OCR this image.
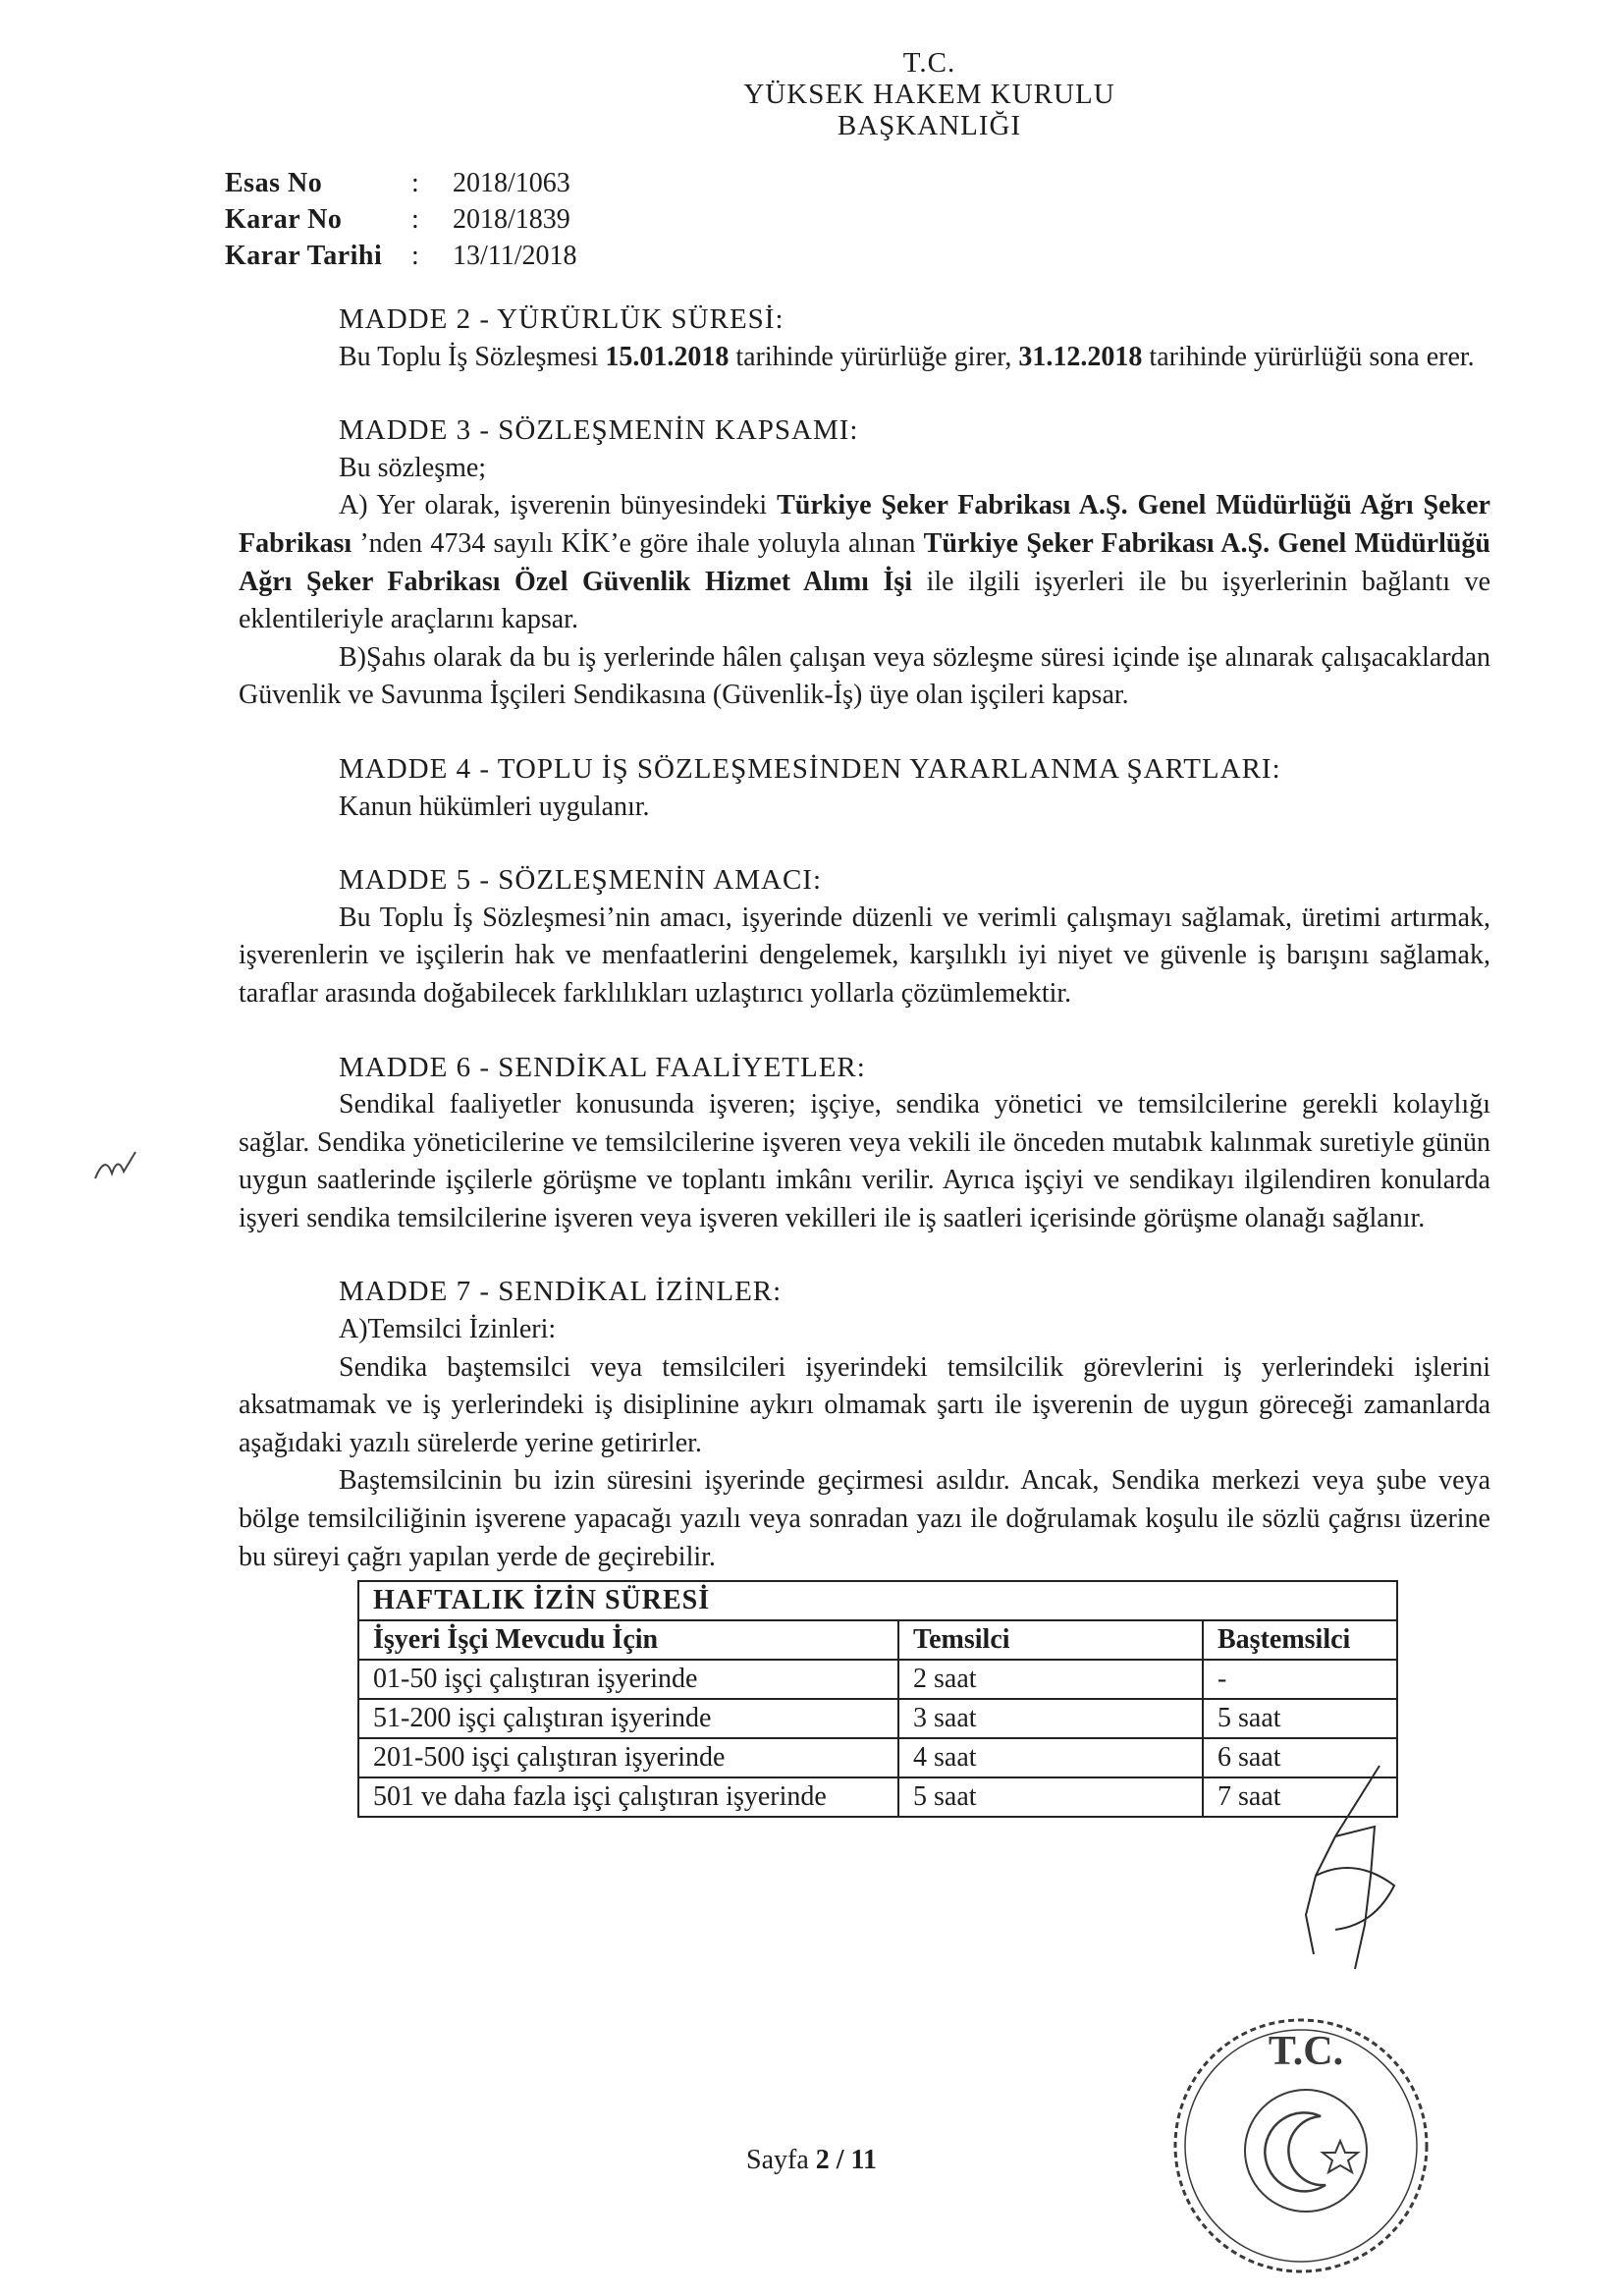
T.C.
YÜKSEK HAKEM KURULU
BAŞKANLIĞI
Esas No	:	2018/1063
Karar No	:	2018/1839
Karar Tarihi	:	13/11/2018

MADDE 2 - YÜRÜRLÜK SÜRESİ:

Bu Toplu İş Sözleşmesi 15.01.2018 tarihinde yürürlüğe girer, 31.12.2018 tarihinde yürürlüğü sona erer.

MADDE 3 - SÖZLEŞMENİN KAPSAMI:

Bu sözleşme;

A) Yer olarak, işverenin bünyesindeki Türkiye Şeker Fabrikası A.Ş. Genel Müdürlüğü Ağrı Şeker Fabrikası ’nden 4734 sayılı KİK’e göre ihale yoluyla alınan Türkiye Şeker Fabrikası A.Ş. Genel Müdürlüğü Ağrı Şeker Fabrikası Özel Güvenlik Hizmet Alımı İşi ile ilgili işyerleri ile bu işyerlerinin bağlantı ve eklentileriyle araçlarını kapsar.

B)Şahıs olarak da bu iş yerlerinde hâlen çalışan veya sözleşme süresi içinde işe alınarak çalışacaklardan Güvenlik ve Savunma İşçileri Sendikasına (Güvenlik-İş) üye olan işçileri kapsar.

MADDE 4 - TOPLU İŞ SÖZLEŞMESİNDEN YARARLANMA ŞARTLARI:

Kanun hükümleri uygulanır.

MADDE 5 - SÖZLEŞMENİN AMACI:

Bu Toplu İş Sözleşmesi’nin amacı, işyerinde düzenli ve verimli çalışmayı sağlamak, üretimi artırmak, işverenlerin ve işçilerin hak ve menfaatlerini dengelemek, karşılıklı iyi niyet ve güvenle iş barışını sağlamak, taraflar arasında doğabilecek farklılıkları uzlaştırıcı yollarla çözümlemektir.

MADDE 6 - SENDİKAL FAALİYETLER:

Sendikal faaliyetler konusunda işveren; işçiye, sendika yönetici ve temsilcilerine gerekli kolaylığı sağlar. Sendika yöneticilerine ve temsilcilerine işveren veya vekili ile önceden mutabık kalınmak suretiyle günün uygun saatlerinde işçilerle görüşme ve toplantı imkânı verilir. Ayrıca işçiyi ve sendikayı ilgilendiren konularda işyeri sendika temsilcilerine işveren veya işveren vekilleri ile iş saatleri içerisinde görüşme olanağı sağlanır.

MADDE 7 - SENDİKAL İZİNLER:

A)Temsilci İzinleri:

Sendika baştemsilci veya temsilcileri işyerindeki temsilcilik görevlerini iş yerlerindeki işlerini aksatmamak ve iş yerlerindeki iş disiplinine aykırı olmamak şartı ile işverenin de uygun göreceği zamanlarda aşağıdaki yazılı sürelerde yerine getirirler.

Baştemsilcinin bu izin süresini işyerinde geçirmesi asıldır. Ancak, Sendika merkezi veya şube veya bölge temsilciliğinin işverene yapacağı yazılı veya sonradan yazı ile doğrulamak koşulu ile sözlü çağrısı üzerine bu süreyi çağrı yapılan yerde de geçirebilir.

HAFTALIK İZİN SÜRESİ		
İşyeri İşçi Mevcudu İçin	Temsilci	Baştemsilci
01-50 işçi çalıştıran işyerinde	2 saat	-
51-200 işçi çalıştıran işyerinde	3 saat	5 saat
201-500 işçi çalıştıran işyerinde	4 saat	6 saat
501 ve daha fazla işçi çalıştıran işyerinde	5 saat	7 saat
T.C.
Sayfa 2 / 11
